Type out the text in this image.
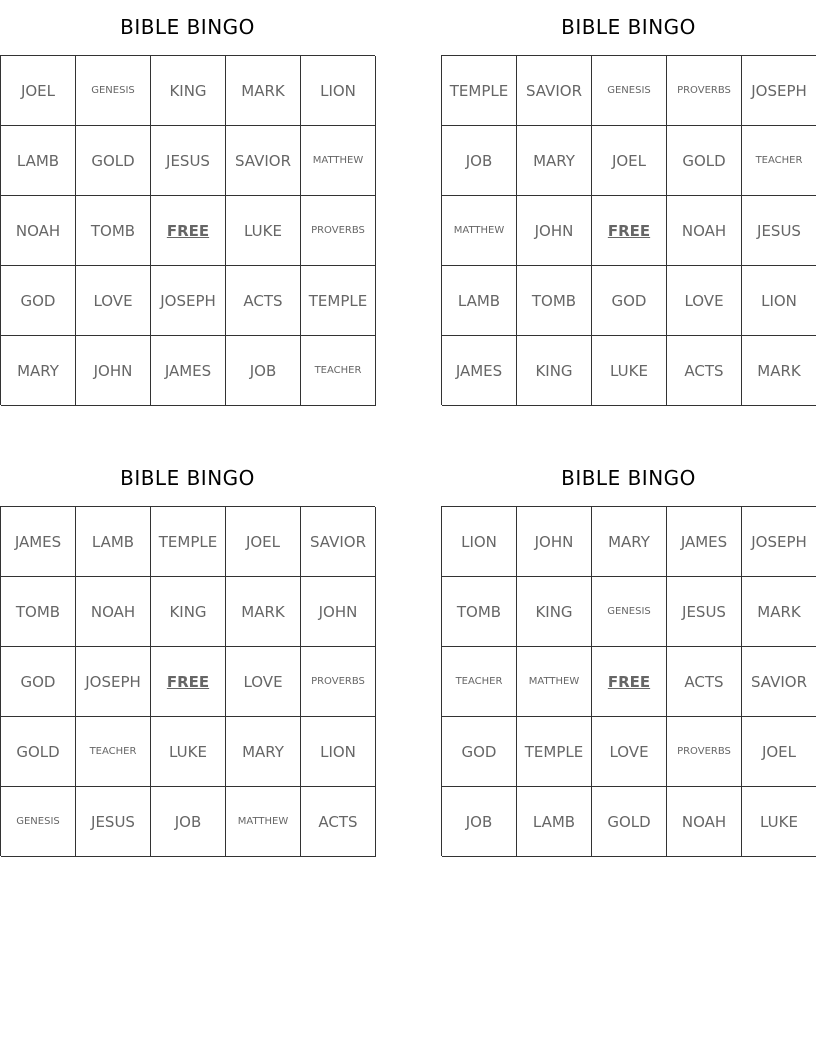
BIBLE BINGO
JOEL	GENESIS	KING	MARK	LION
LAMB	GOLD	JESUS	SAVIOR	MATTHEW
NOAH	TOMB	FREE	LUKE	PROVERBS
GOD	LOVE	JOSEPH	ACTS	TEMPLE
MARY	JOHN	JAMES	JOB	TEACHER
BIBLE BINGO
TEMPLE	SAVIOR	GENESIS	PROVERBS	JOSEPH
JOB	MARY	JOEL	GOLD	TEACHER
MATTHEW	JOHN	FREE	NOAH	JESUS
LAMB	TOMB	GOD	LOVE	LION
JAMES	KING	LUKE	ACTS	MARK
BIBLE BINGO
JAMES	LAMB	TEMPLE	JOEL	SAVIOR
TOMB	NOAH	KING	MARK	JOHN
GOD	JOSEPH	FREE	LOVE	PROVERBS
GOLD	TEACHER	LUKE	MARY	LION
GENESIS	JESUS	JOB	MATTHEW	ACTS
BIBLE BINGO
LION	JOHN	MARY	JAMES	JOSEPH
TOMB	KING	GENESIS	JESUS	MARK
TEACHER	MATTHEW	FREE	ACTS	SAVIOR
GOD	TEMPLE	LOVE	PROVERBS	JOEL
JOB	LAMB	GOLD	NOAH	LUKE
